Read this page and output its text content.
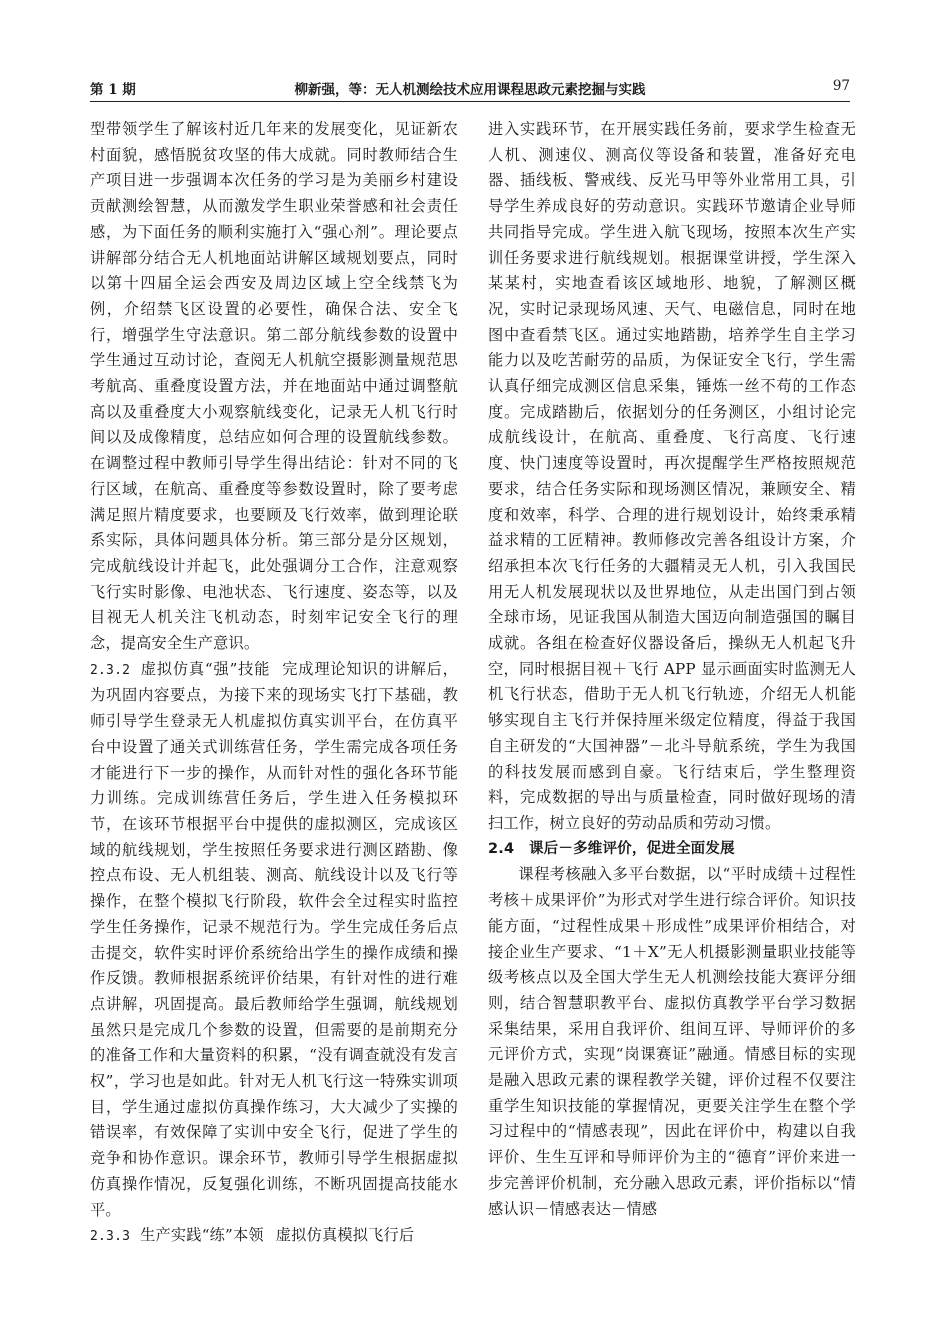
第 1 期	柳新强，等：无人机测绘技术应用课程思政元素挖掘与实践	97

型带领学生了解该村近几年来的发展变化，见证新农村面貌，感悟脱贫攻坚的伟大成就。同时教师结合生产项目进一步强调本次任务的学习是为美丽乡村建设贡献测绘智慧，从而激发学生职业荣誉感和社会责任感，为下面任务的顺利实施打入“强心剂”。理论要点讲解部分结合无人机地面站讲解区域规划要点，同时以第十四届全运会西安及周边区域上空全线禁飞为例，介绍禁飞区设置的必要性，确保合法、安全飞行，增强学生守法意识。第二部分航线参数的设置中学生通过互动讨论，查阅无人机航空摄影测量规范思考航高、重叠度设置方法，并在地面站中通过调整航高以及重叠度大小观察航线变化，记录无人机飞行时间以及成像精度，总结应如何合理的设置航线参数。在调整过程中教师引导学生得出结论：针对不同的飞行区域，在航高、重叠度等参数设置时，除了要考虑满足照片精度要求，也要顾及飞行效率，做到理论联系实际，具体问题具体分析。第三部分是分区规划，完成航线设计并起飞，此处强调分工合作，注意观察飞行实时影像、电池状态、飞行速度、姿态等，以及目视无人机关注飞机动态，时刻牢记安全飞行的理念，提高安全生产意识。

2.3.2 虚拟仿真“强”技能 完成理论知识的讲解后，为巩固内容要点，为接下来的现场实飞打下基础，教师引导学生登录无人机虚拟仿真实训平台，在仿真平台中设置了通关式训练营任务，学生需完成各项任务才能进行下一步的操作，从而针对性的强化各环节能力训练。完成训练营任务后，学生进入任务模拟环节，在该环节根据平台中提供的虚拟测区，完成该区域的航线规划，学生按照任务要求进行测区踏勘、像控点布设、无人机组装、测高、航线设计以及飞行等操作，在整个模拟飞行阶段，软件会全过程实时监控学生任务操作，记录不规范行为。学生完成任务后点击提交，软件实时评价系统给出学生的操作成绩和操作反馈。教师根据系统评价结果，有针对性的进行难点讲解，巩固提高。最后教师给学生强调，航线规划虽然只是完成几个参数的设置，但需要的是前期充分的准备工作和大量资料的积累，“没有调查就没有发言权”，学习也是如此。针对无人机飞行这一特殊实训项目，学生通过虚拟仿真操作练习，大大减少了实操的错误率，有效保障了实训中安全飞行，促进了学生的竞争和协作意识。课余环节，教师引导学生根据虚拟仿真操作情况，反复强化训练，不断巩固提高技能水平。

2.3.3 生产实践“练”本领 虚拟仿真模拟飞行后

进入实践环节，在开展实践任务前，要求学生检查无人机、测速仪、测高仪等设备和装置，准备好充电器、插线板、警戒线、反光马甲等外业常用工具，引导学生养成良好的劳动意识。实践环节邀请企业导师共同指导完成。学生进入航飞现场，按照本次生产实训任务要求进行航线规划。根据课堂讲授，学生深入某某村，实地查看该区域地形、地貌，了解测区概况，实时记录现场风速、天气、电磁信息，同时在地图中查看禁飞区。通过实地踏勘，培养学生自主学习能力以及吃苦耐劳的品质，为保证安全飞行，学生需认真仔细完成测区信息采集，锤炼一丝不苟的工作态度。完成踏勘后，依据划分的任务测区，小组讨论完成航线设计，在航高、重叠度、飞行高度、飞行速度、快门速度等设置时，再次提醒学生严格按照规范要求，结合任务实际和现场测区情况，兼顾安全、精度和效率，科学、合理的进行规划设计，始终秉承精益求精的工匠精神。教师修改完善各组设计方案，介绍承担本次飞行任务的大疆精灵无人机，引入我国民用无人机发展现状以及世界地位，从走出国门到占领全球市场，见证我国从制造大国迈向制造强国的瞩目成就。各组在检查好仪器设备后，操纵无人机起飞升空，同时根据目视＋飞行 APP 显示画面实时监测无人机飞行状态，借助于无人机飞行轨迹，介绍无人机能够实现自主飞行并保持厘米级定位精度，得益于我国自主研发的“大国神器”－北斗导航系统，学生为我国的科技发展而感到自豪。飞行结束后，学生整理资料，完成数据的导出与质量检查，同时做好现场的清扫工作，树立良好的劳动品质和劳动习惯。

2.4　课后－多维评价，促进全面发展

课程考核融入多平台数据，以“平时成绩＋过程性考核＋成果评价”为形式对学生进行综合评价。知识技能方面，“过程性成果＋形成性”成果评价相结合，对接企业生产要求、“1＋X”无人机摄影测量职业技能等级考核点以及全国大学生无人机测绘技能大赛评分细则，结合智慧职教平台、虚拟仿真教学平台学习数据采集结果，采用自我评价、组间互评、导师评价的多元评价方式，实现“岗课赛证”融通。情感目标的实现是融入思政元素的课程教学关键，评价过程不仅要注重学生知识技能的掌握情况，更要关注学生在整个学习过程中的“情感表现”，因此在评价中，构建以自我评价、生生互评和导师评价为主的“德育”评价来进一步完善评价机制，充分融入思政元素，评价指标以“情感认识－情感表达－情感
